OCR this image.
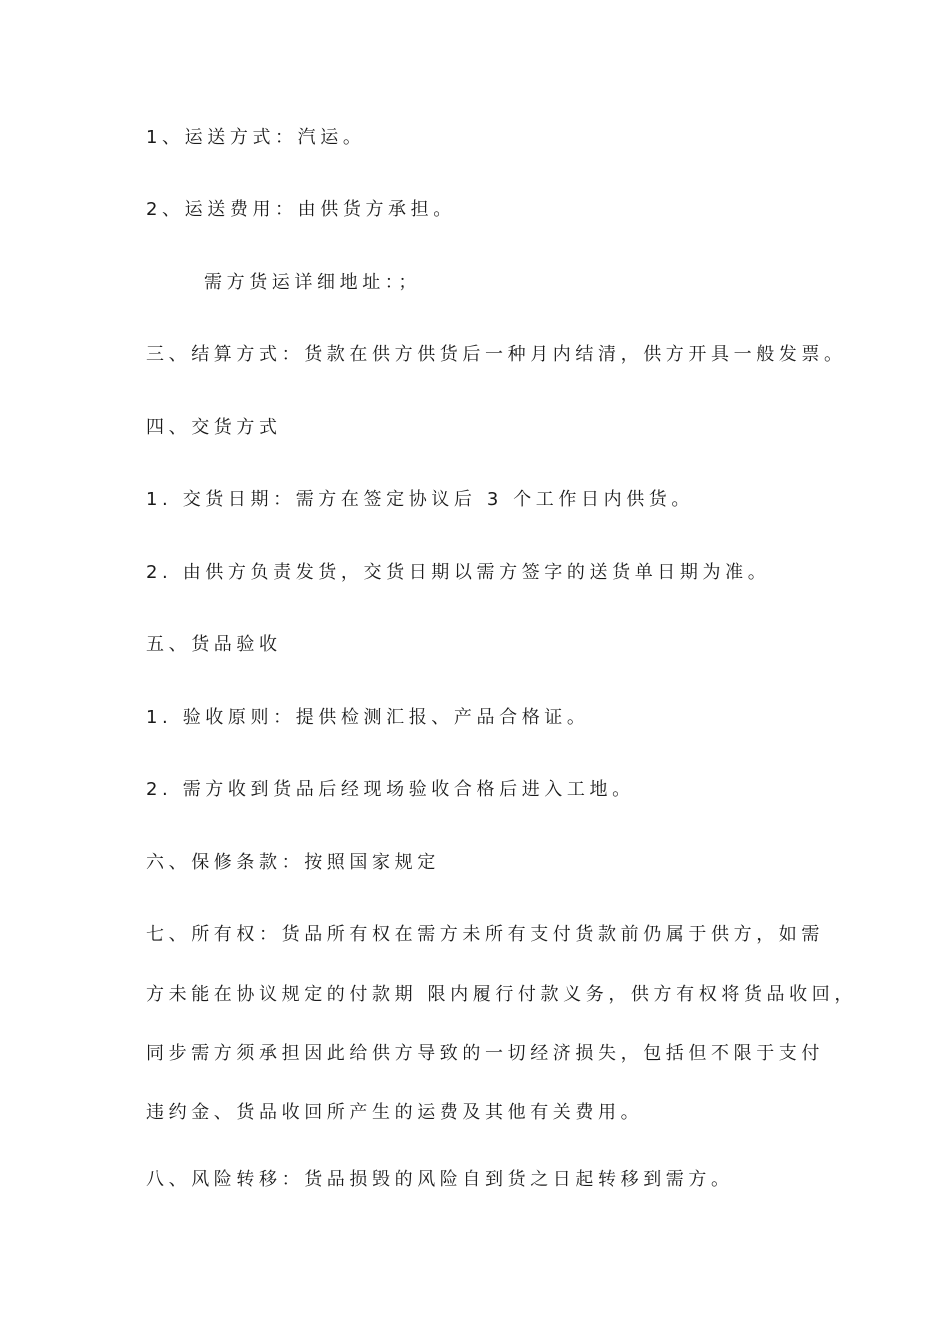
1、运送方式：汽运。
2、运送费用：由供货方承担。
需方货运详细地址：；
三、结算方式：货款在供方供货后一种月内结清，供方开具一般发票。
四、交货方式
1. 交货日期：需方在签定协议后 3 个工作日内供货。
2. 由供方负责发货，交货日期以需方签字的送货单日期为准。
五、货品验收
1. 验收原则：提供检测汇报、产品合格证。
2. 需方收到货品后经现场验收合格后进入工地。
六、保修条款：按照国家规定
七、所有权：货品所有权在需方未所有支付货款前仍属于供方，如需
方未能在协议规定的付款期 限内履行付款义务，供方有权将货品收回，
同步需方须承担因此给供方导致的一切经济损失，包括但不限于支付
违约金、货品收回所产生的运费及其他有关费用。
八、风险转移：货品损毁的风险自到货之日起转移到需方。
